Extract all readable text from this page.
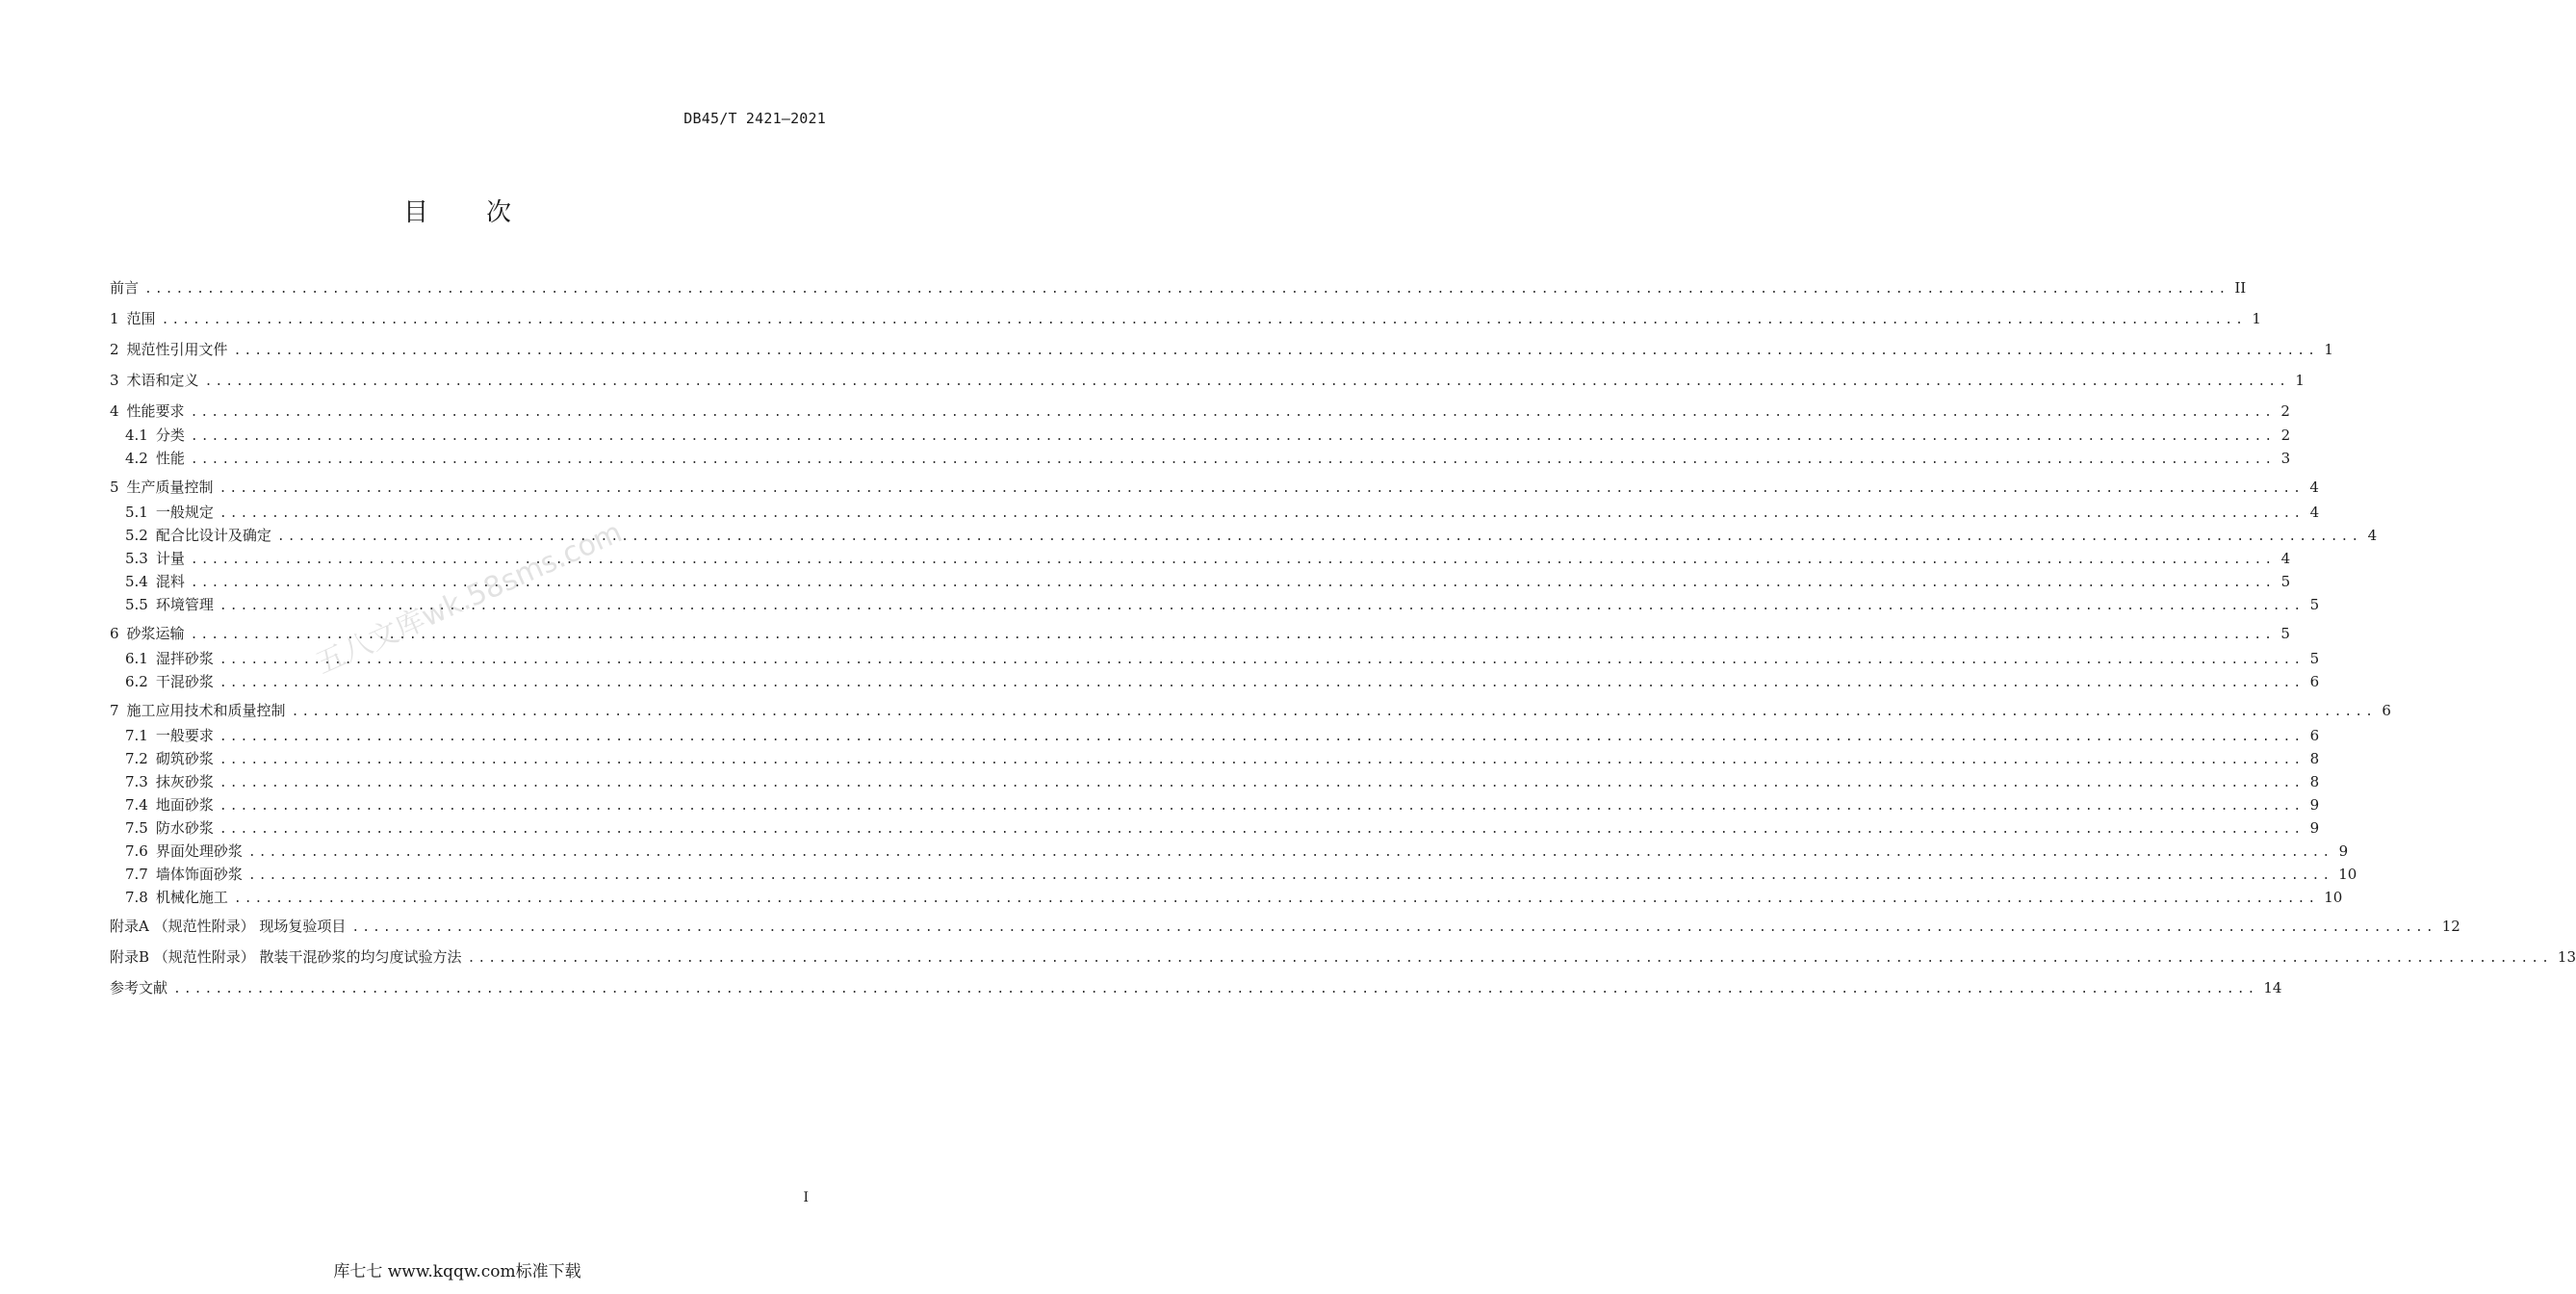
DB45/T 2421—2021
目次
前言 ........................................................................................................................................................................................................ II
1 范围 ........................................................................................................................................................................................................ 1
2 规范性引用文件 ........................................................................................................................................................................................................ 1
3 术语和定义 ........................................................................................................................................................................................................ 1
4 性能要求 ........................................................................................................................................................................................................ 2
4.1 分类 ........................................................................................................................................................................................................ 2
4.2 性能 ........................................................................................................................................................................................................ 3
5 生产质量控制 ........................................................................................................................................................................................................ 4
5.1 一般规定 ........................................................................................................................................................................................................ 4
5.2 配合比设计及确定 ........................................................................................................................................................................................................ 4
5.3 计量 ........................................................................................................................................................................................................ 4
5.4 混料 ........................................................................................................................................................................................................ 5
5.5 环境管理 ........................................................................................................................................................................................................ 5
6 砂浆运输 ........................................................................................................................................................................................................ 5
6.1 湿拌砂浆 ........................................................................................................................................................................................................ 5
6.2 干混砂浆 ........................................................................................................................................................................................................ 6
7 施工应用技术和质量控制 ........................................................................................................................................................................................................ 6
7.1 一般要求 ........................................................................................................................................................................................................ 6
7.2 砌筑砂浆 ........................................................................................................................................................................................................ 8
7.3 抹灰砂浆 ........................................................................................................................................................................................................ 8
7.4 地面砂浆 ........................................................................................................................................................................................................ 9
7.5 防水砂浆 ........................................................................................................................................................................................................ 9
7.6 界面处理砂浆 ........................................................................................................................................................................................................ 9
7.7 墙体饰面砂浆 ........................................................................................................................................................................................................ 10
7.8 机械化施工 ........................................................................................................................................................................................................ 10
附录A （规范性附录） 现场复验项目 ........................................................................................................................................................................................................ 12
附录B （规范性附录） 散装干混砂浆的均匀度试验方法 ........................................................................................................................................................................................................ 13
参考文献 ........................................................................................................................................................................................................ 14
五八文库wk.58sms.com
I
库七七 www.kqqw.com标准下载
